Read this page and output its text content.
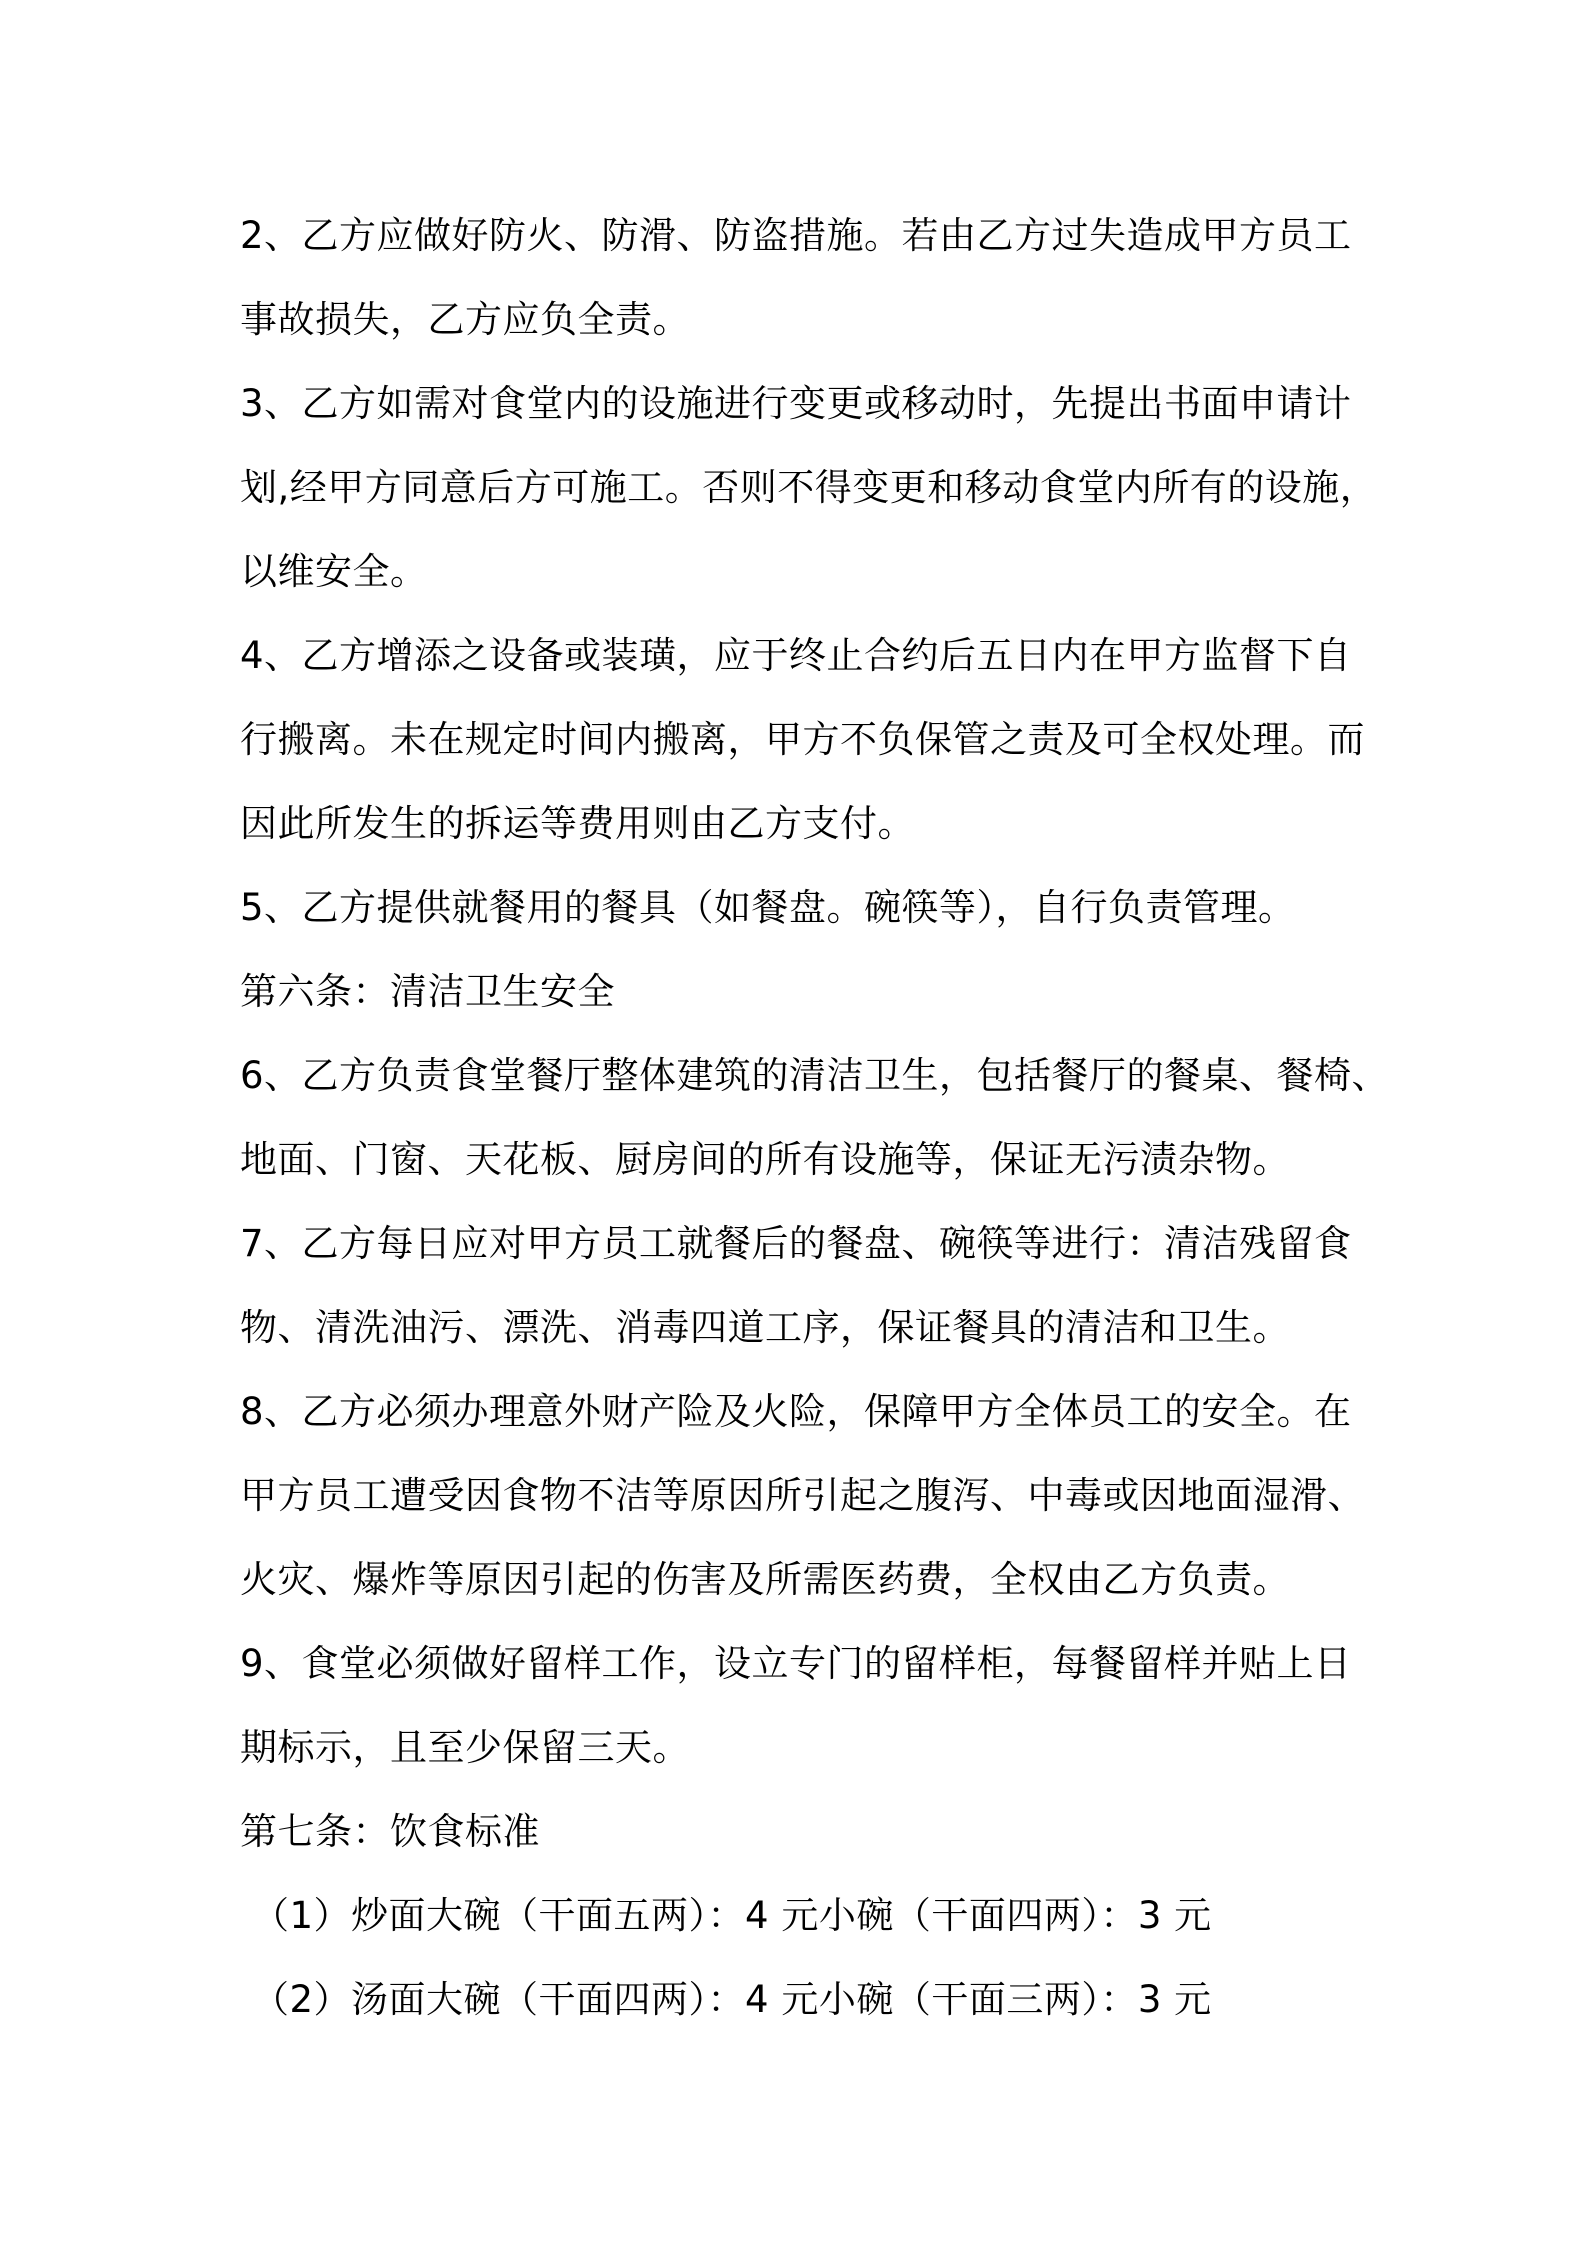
2、乙方应做好防火、防滑、防盗措施。若由乙方过失造成甲方员工
事故损失，乙方应负全责。
3、乙方如需对食堂内的设施进行变更或移动时，先提出书面申请计
划,经甲方同意后方可施工。否则不得变更和移动食堂内所有的设施，
以维安全。
4、乙方增添之设备或装璜，应于终止合约后五日内在甲方监督下自
行搬离。未在规定时间内搬离，甲方不负保管之责及可全权处理。而
因此所发生的拆运等费用则由乙方支付。
5、乙方提供就餐用的餐具（如餐盘。碗筷等），自行负责管理。
第六条：清洁卫生安全
6、乙方负责食堂餐厅整体建筑的清洁卫生，包括餐厅的餐桌、餐椅、
地面、门窗、天花板、厨房间的所有设施等，保证无污渍杂物。
7、乙方每日应对甲方员工就餐后的餐盘、碗筷等进行：清洁残留食
物、清洗油污、漂洗、消毒四道工序，保证餐具的清洁和卫生。
8、乙方必须办理意外财产险及火险，保障甲方全体员工的安全。在
甲方员工遭受因食物不洁等原因所引起之腹泻、中毒或因地面湿滑、
火灾、爆炸等原因引起的伤害及所需医药费，全权由乙方负责。
9、食堂必须做好留样工作，设立专门的留样柜，每餐留样并贴上日
期标示，且至少保留三天。
第七条：饮食标准
（1）炒面大碗（干面五两）：4 元小碗（干面四两）：3 元
（2）汤面大碗（干面四两）：4 元小碗（干面三两）：3 元
